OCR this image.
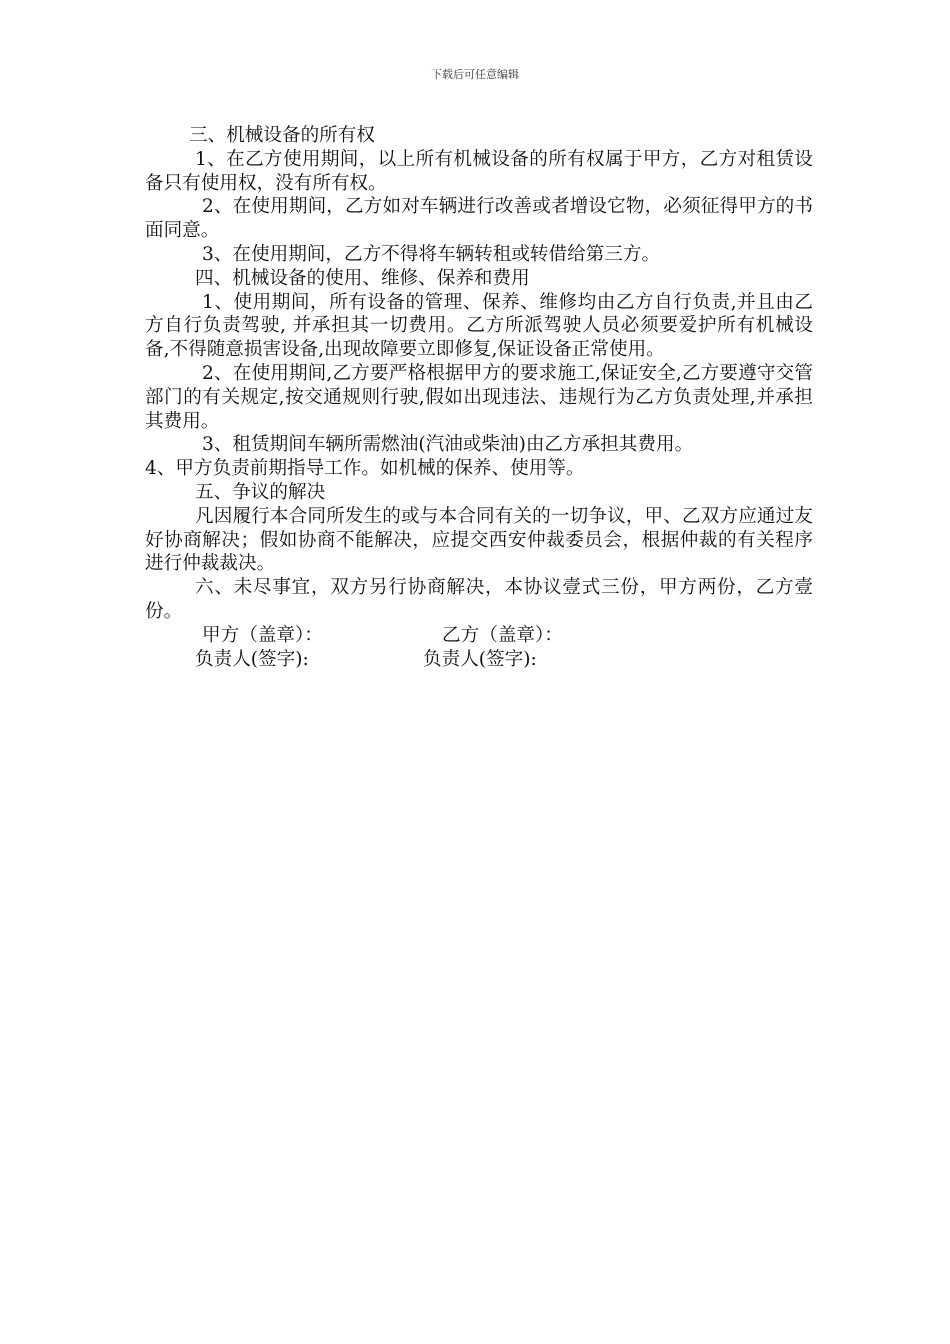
下载后可任意编辑

三、机械设备的所有权

1、在乙方使用期间，以上所有机械设备的所有权属于甲方，乙方对租赁设备只有使用权，没有所有权。

2、在使用期间，乙方如对车辆进行改善或者增设它物，必须征得甲方的书面同意。

3、在使用期间，乙方不得将车辆转租或转借给第三方。

四、机械设备的使用、维修、保养和费用

1、使用期间，所有设备的管理、保养、维修均由乙方自行负责,并且由乙方自行负责驾驶, 并承担其一切费用。乙方所派驾驶人员必须要爱护所有机械设备,不得随意损害设备,出现故障要立即修复,保证设备正常使用。

2、在使用期间,乙方要严格根据甲方的要求施工,保证安全,乙方要遵守交管部门的有关规定,按交通规则行驶,假如出现违法、违规行为乙方负责处理,并承担其费用。

3、租赁期间车辆所需燃油(汽油或柴油)由乙方承担其费用。

4、甲方负责前期指导工作。如机械的保养、使用等。

五、争议的解决

凡因履行本合同所发生的或与本合同有关的一切争议，甲、乙双方应通过友好协商解决；假如协商不能解决，应提交西安仲裁委员会，根据仲裁的有关程序进行仲裁裁决。

六、未尽事宜，双方另行协商解决，本协议壹式三份，甲方两份，乙方壹份。

甲方（盖章）：	乙方（盖章）：
负责人(签字):	负责人(签字):
